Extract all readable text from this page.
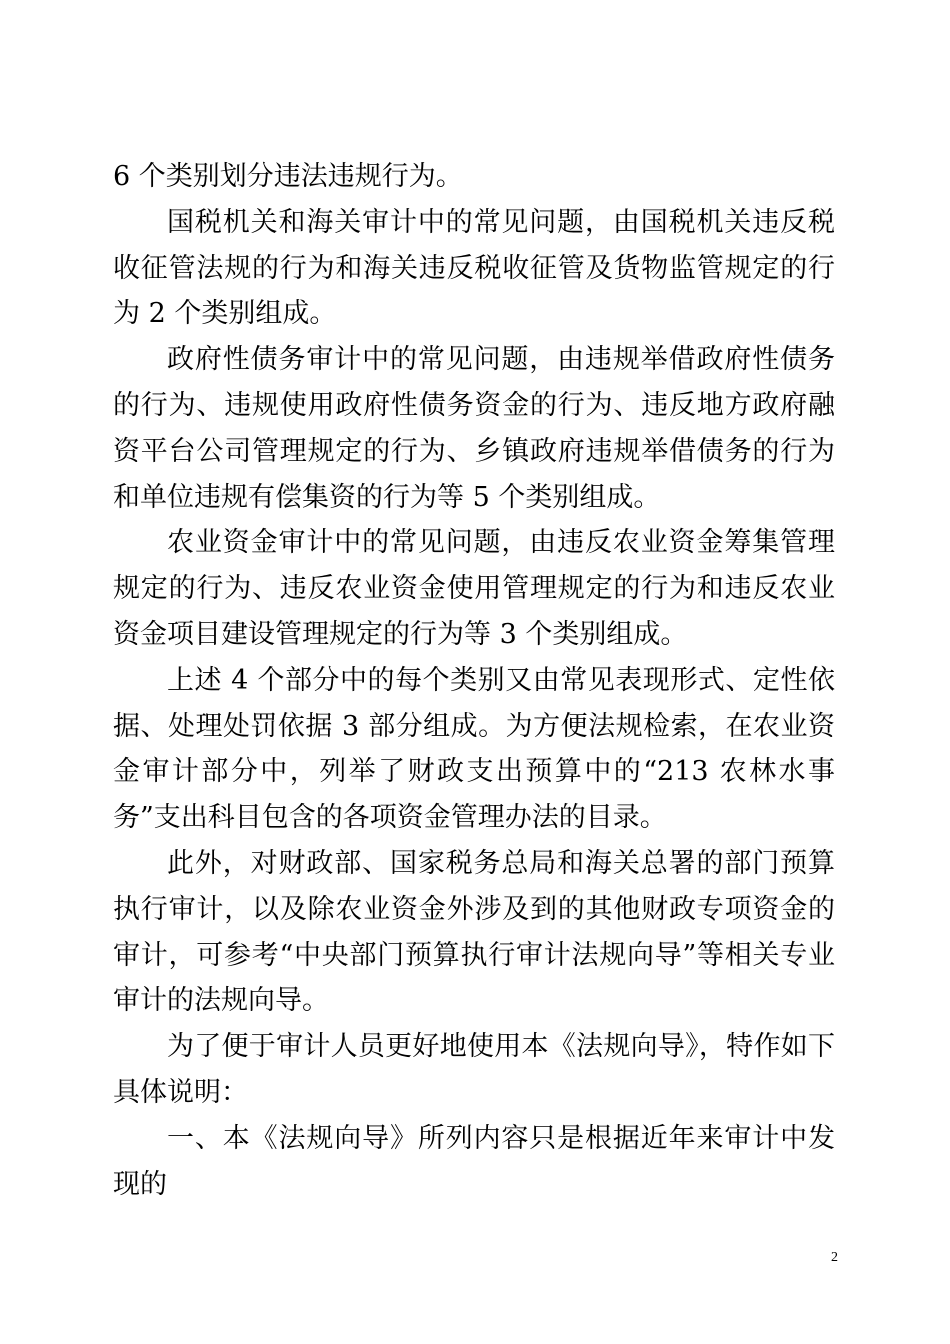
6 个类别划分违法违规行为。

国税机关和海关审计中的常见问题，由国税机关违反税收征管法规的行为和海关违反税收征管及货物监管规定的行为 2 个类别组成。

政府性债务审计中的常见问题，由违规举借政府性债务的行为、违规使用政府性债务资金的行为、违反地方政府融资平台公司管理规定的行为、乡镇政府违规举借债务的行为和单位违规有偿集资的行为等 5 个类别组成。

农业资金审计中的常见问题，由违反农业资金筹集管理规定的行为、违反农业资金使用管理规定的行为和违反农业资金项目建设管理规定的行为等 3 个类别组成。

上述 4 个部分中的每个类别又由常见表现形式、定性依据、处理处罚依据 3 部分组成。为方便法规检索，在农业资金审计部分中，列举了财政支出预算中的“213 农林水事务”支出科目包含的各项资金管理办法的目录。

此外，对财政部、国家税务总局和海关总署的部门预算执行审计，以及除农业资金外涉及到的其他财政专项资金的审计，可参考“中央部门预算执行审计法规向导”等相关专业审计的法规向导。

为了便于审计人员更好地使用本《法规向导》，特作如下具体说明：

一、本《法规向导》所列内容只是根据近年来审计中发现的

2
